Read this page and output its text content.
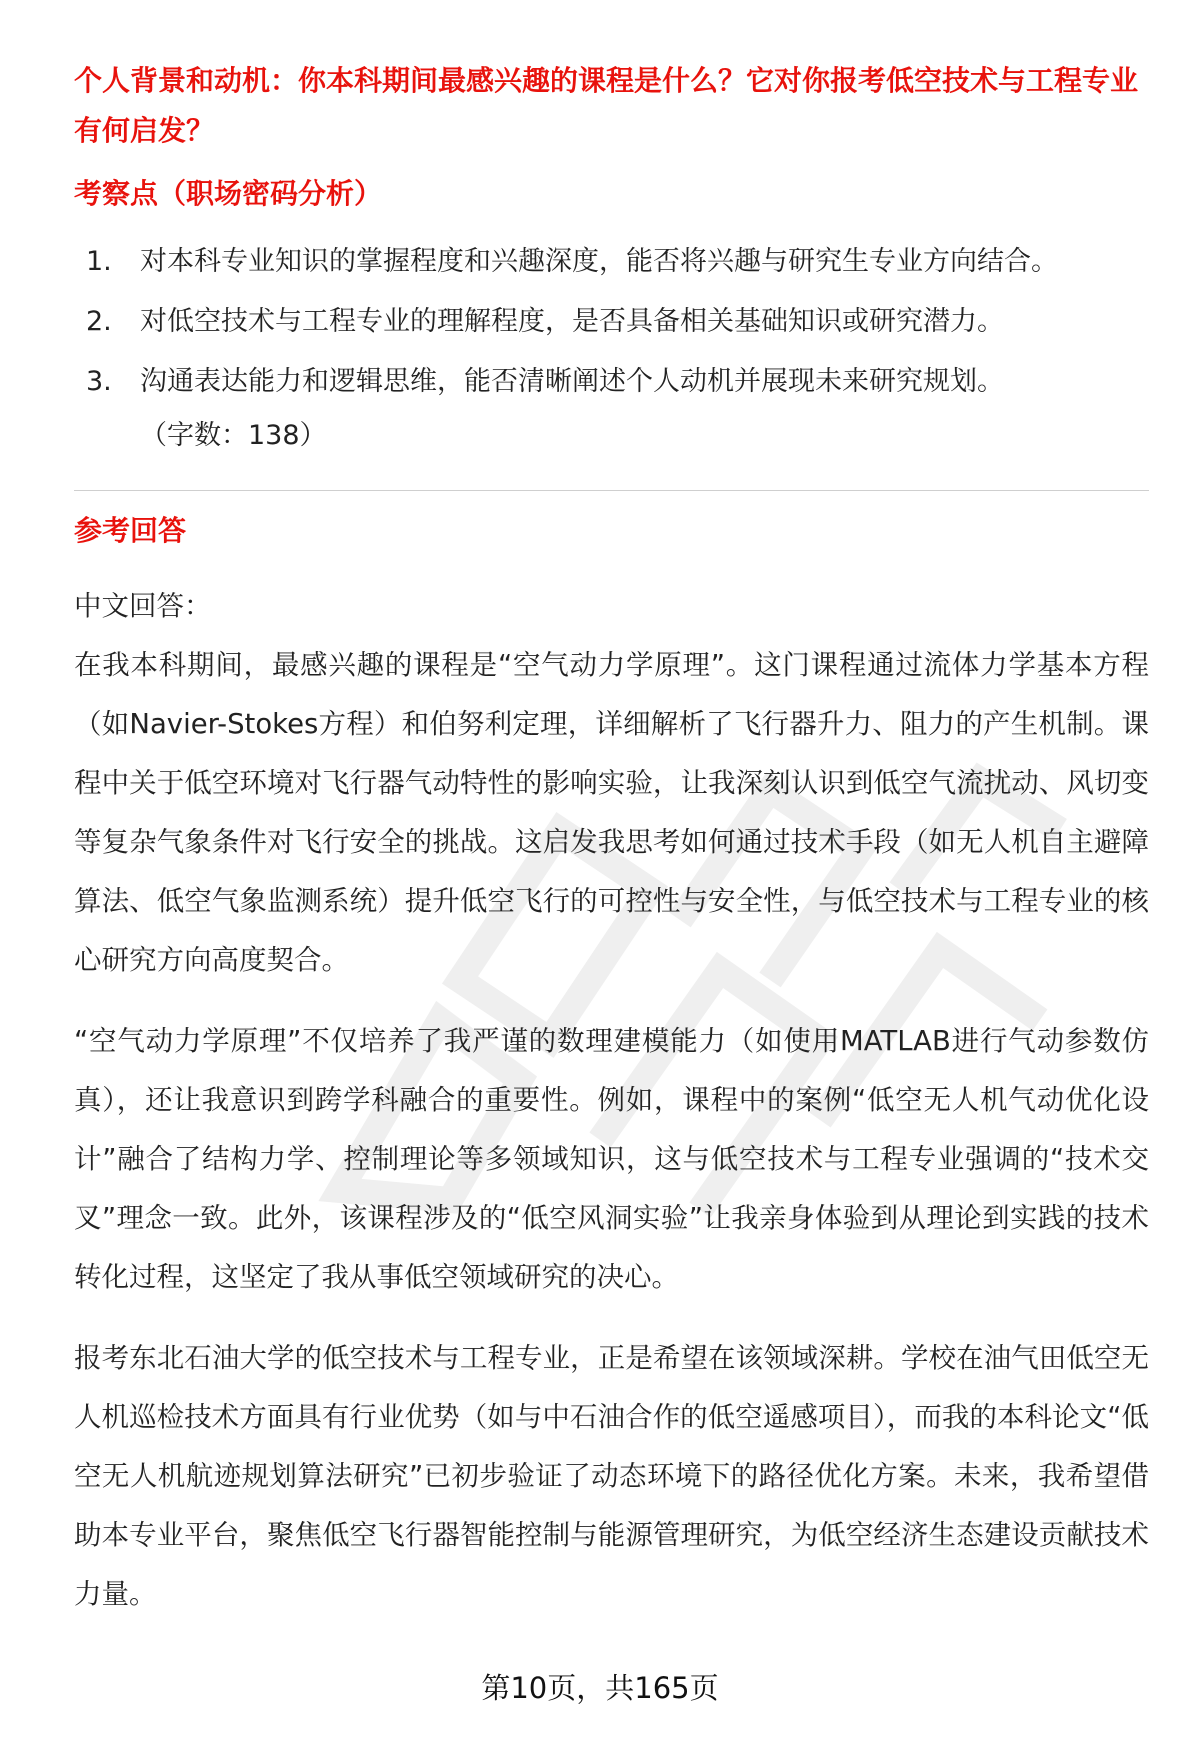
个人背景和动机：你本科期间最感兴趣的课程是什么？它对你报考低空技术与工程专业有何启发？

考察点（职场密码分析）
1.	对本科专业知识的掌握程度和兴趣深度，能否将兴趣与研究生专业方向结合。
2.	对低空技术与工程专业的理解程度，是否具备相关基础知识或研究潜力。
3.	沟通表达能力和逻辑思维，能否清晰阐述个人动机并展现未来研究规划。
（字数：138）
参考回答

中文回答：

在我本科期间，最感兴趣的课程是“空气动力学原理”。这门课程通过流体力学基本方程（如Navier-Stokes方程）和伯努利定理，详细解析了飞行器升力、阻力的产生机制。课程中关于低空环境对飞行器气动特性的影响实验，让我深刻认识到低空气流扰动、风切变等复杂气象条件对飞行安全的挑战。这启发我思考如何通过技术手段（如无人机自主避障算法、低空气象监测系统）提升低空飞行的可控性与安全性，与低空技术与工程专业的核心研究方向高度契合。

“空气动力学原理”不仅培养了我严谨的数理建模能力（如使用MATLAB进行气动参数仿真），还让我意识到跨学科融合的重要性。例如，课程中的案例“低空无人机气动优化设计”融合了结构力学、控制理论等多领域知识，这与低空技术与工程专业强调的“技术交叉”理念一致。此外，该课程涉及的“低空风洞实验”让我亲身体验到从理论到实践的技术转化过程，这坚定了我从事低空领域研究的决心。

报考东北石油大学的低空技术与工程专业，正是希望在该领域深耕。学校在油气田低空无人机巡检技术方面具有行业优势（如与中石油合作的低空遥感项目），而我的本科论文“低空无人机航迹规划算法研究”已初步验证了动态环境下的路径优化方案。未来，我希望借助本专业平台，聚焦低空飞行器智能控制与能源管理研究，为低空经济生态建设贡献技术力量。

第10页，共165页
